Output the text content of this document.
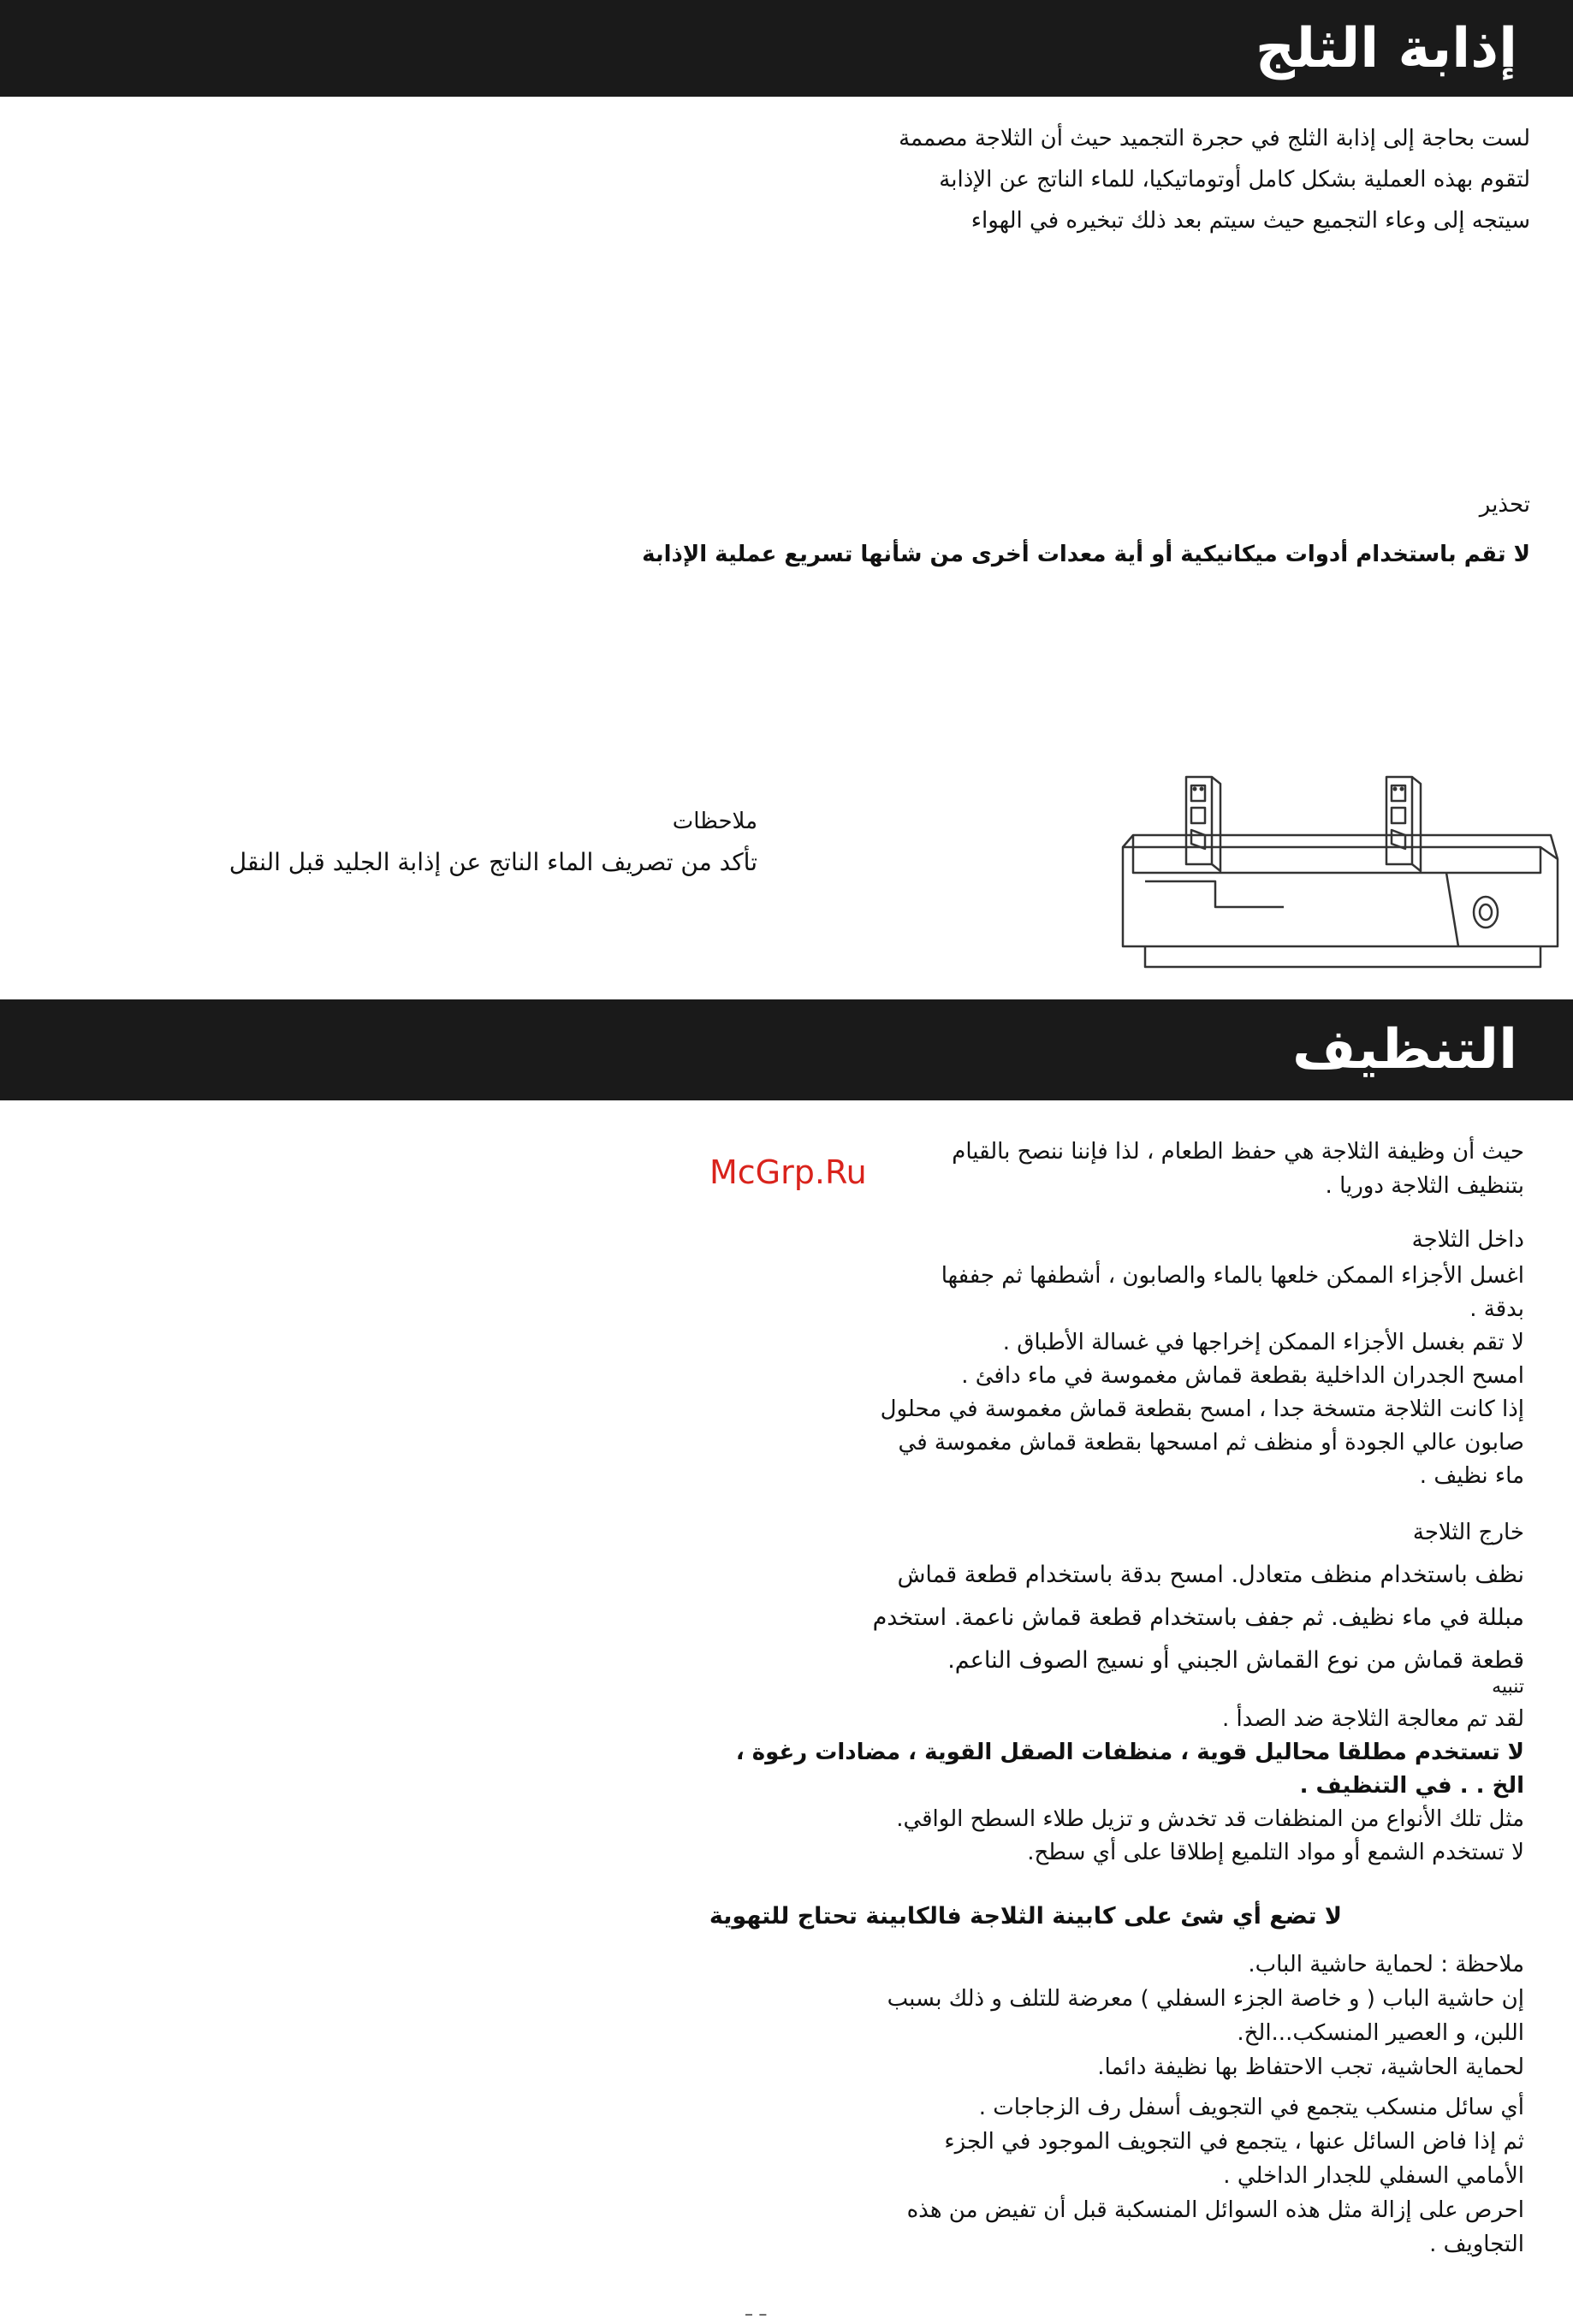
إذابة الثلج

لست بحاجة إلى إذابة الثلج في حجرة التجميد حيث أن الثلاجة مصممة

لتقوم بهذه العملية بشكل كامل أوتوماتيكيا، للماء الناتج عن الإذابة

سيتجه إلى وعاء التجميع حيث سيتم بعد ذلك تبخيره في الهواء

تحذير
لا تقم باستخدام أدوات ميكانيكية أو أية معدات أخرى من شأنها تسريع عملية الإذابة
ملاحظات
تأكد من تصريف الماء الناتج عن إذابة الجليد قبل النقل
التنظيف
McGrp.Ru

حيث أن وظيفة الثلاجة هي حفظ الطعام ، لذا فإننا ننصح بالقيام

بتنظيف الثلاجة دوريا .

داخل الثلاجة

اغسل الأجزاء الممكن خلعها بالماء والصابون ، أشطفها ثم جففها

بدقة .

لا تقم بغسل الأجزاء الممكن إخراجها في غسالة الأطباق .

امسح الجدران الداخلية بقطعة قماش مغموسة في ماء دافئ .

إذا كانت الثلاجة متسخة جدا ، امسح بقطعة قماش مغموسة في محلول

صابون عالي الجودة أو منظف ثم امسحها بقطعة قماش مغموسة في

ماء نظيف .

خارج الثلاجة

نظف باستخدام منظف متعادل. امسح بدقة باستخدام قطعة قماش

مبللة في ماء نظيف. ثم جفف باستخدام قطعة قماش ناعمة. استخدم

قطعة قماش من نوع القماش الجبني أو نسيج الصوف الناعم.

تنبيه

لقد تم معالجة الثلاجة ضد الصدأ .

لا تستخدم مطلقا محاليل قوية ، منظفات الصقل القوية ، مضادات رغوة ،

الخ . . في التنظيف .

مثل تلك الأنواع من المنظفات قد تخدش و تزيل طلاء السطح الواقي.

لا تستخدم الشمع أو مواد التلميع إطلاقا على أي سطح.

لا تضع أي شئ على كابينة الثلاجة فالكابينة تحتاج للتهوية

ملاحظة : لحماية حاشية الباب.

إن حاشية الباب ( و خاصة الجزء السفلي ) معرضة للتلف و ذلك بسبب

اللبن، و العصير المنسكب...الخ.

لحماية الحاشية، تجب الاحتفاظ بها نظيفة دائما.

أي سائل منسكب يتجمع في التجويف أسفل رف الزجاجات .

ثم إذا فاض السائل عنها ، يتجمع في التجويف الموجود في الجزء

الأمامي السفلي للجدار الداخلي .

احرص على إزالة مثل هذه السوائل المنسكبة قبل أن تفيض من هذه

التجاويف .

– –
